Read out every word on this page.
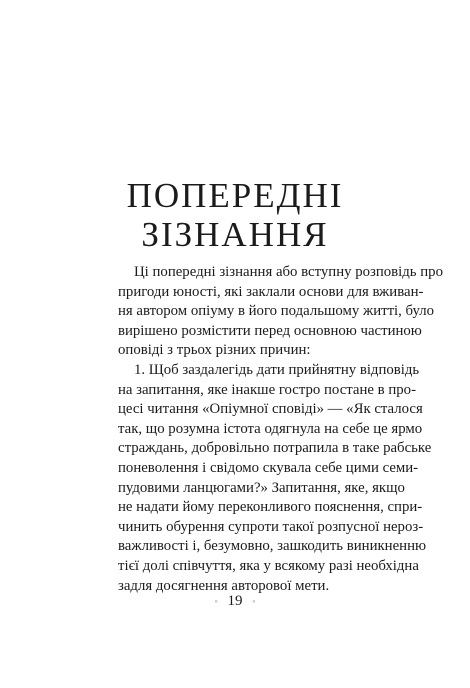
ПОПЕРЕДНІ
ЗІЗНАННЯ
Ці попередні зізнання або вступну розповідь про
пригоди юності, які заклали основи для вживан-
ня автором опіуму в його подальшому житті, було
вирішено розмістити перед основною частиною
оповіді з трьох різних причин:
1. Щоб заздалегідь дати прийнятну відповідь
на запитання, яке інакше гостро постане в про-
цесі читання «Опіумної сповіді» — «Як сталося
так, що розумна істота одягнула на себе це ярмо
страждань, добровільно потрапила в таке рабське
поневолення і свідомо скувала себе цими семи-
пудовими ланцюгами?» Запитання, яке, якщо
не надати йому переконливого пояснення, спри-
чинить обурення супроти такої розпусної нероз-
важливості і, безумовно, зашкодить виникненню
тієї долі співчуття, яка у всякому разі необхідна
задля досягнення авторової мети.
◦ 19 ◦
